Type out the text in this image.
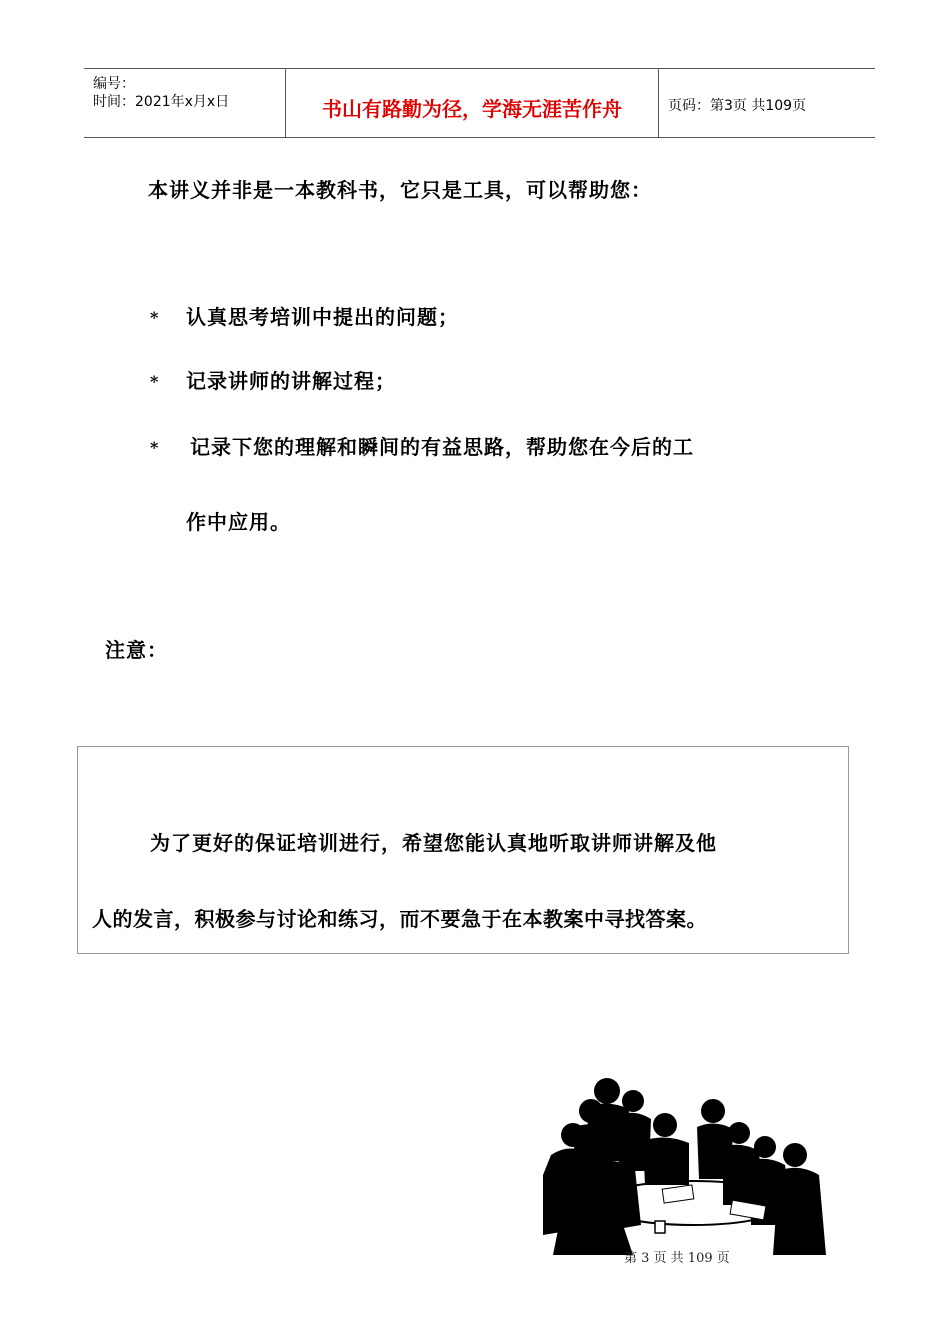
编号：
时间：2021年x月x日	书山有路勤为径，学海无涯苦作舟	页码：第3页 共109页
本讲义并非是一本教科书，它只是工具，可以帮助您：
* 认真思考培训中提出的问题；
* 记录讲师的讲解过程；
* 记录下您的理解和瞬间的有益思路，帮助您在今后的工
作中应用。
注意：
为了更好的保证培训进行，希望您能认真地听取讲师讲解及他
人的发言，积极参与讨论和练习，而不要急于在本教案中寻找答案。
第 3 页 共 109 页
